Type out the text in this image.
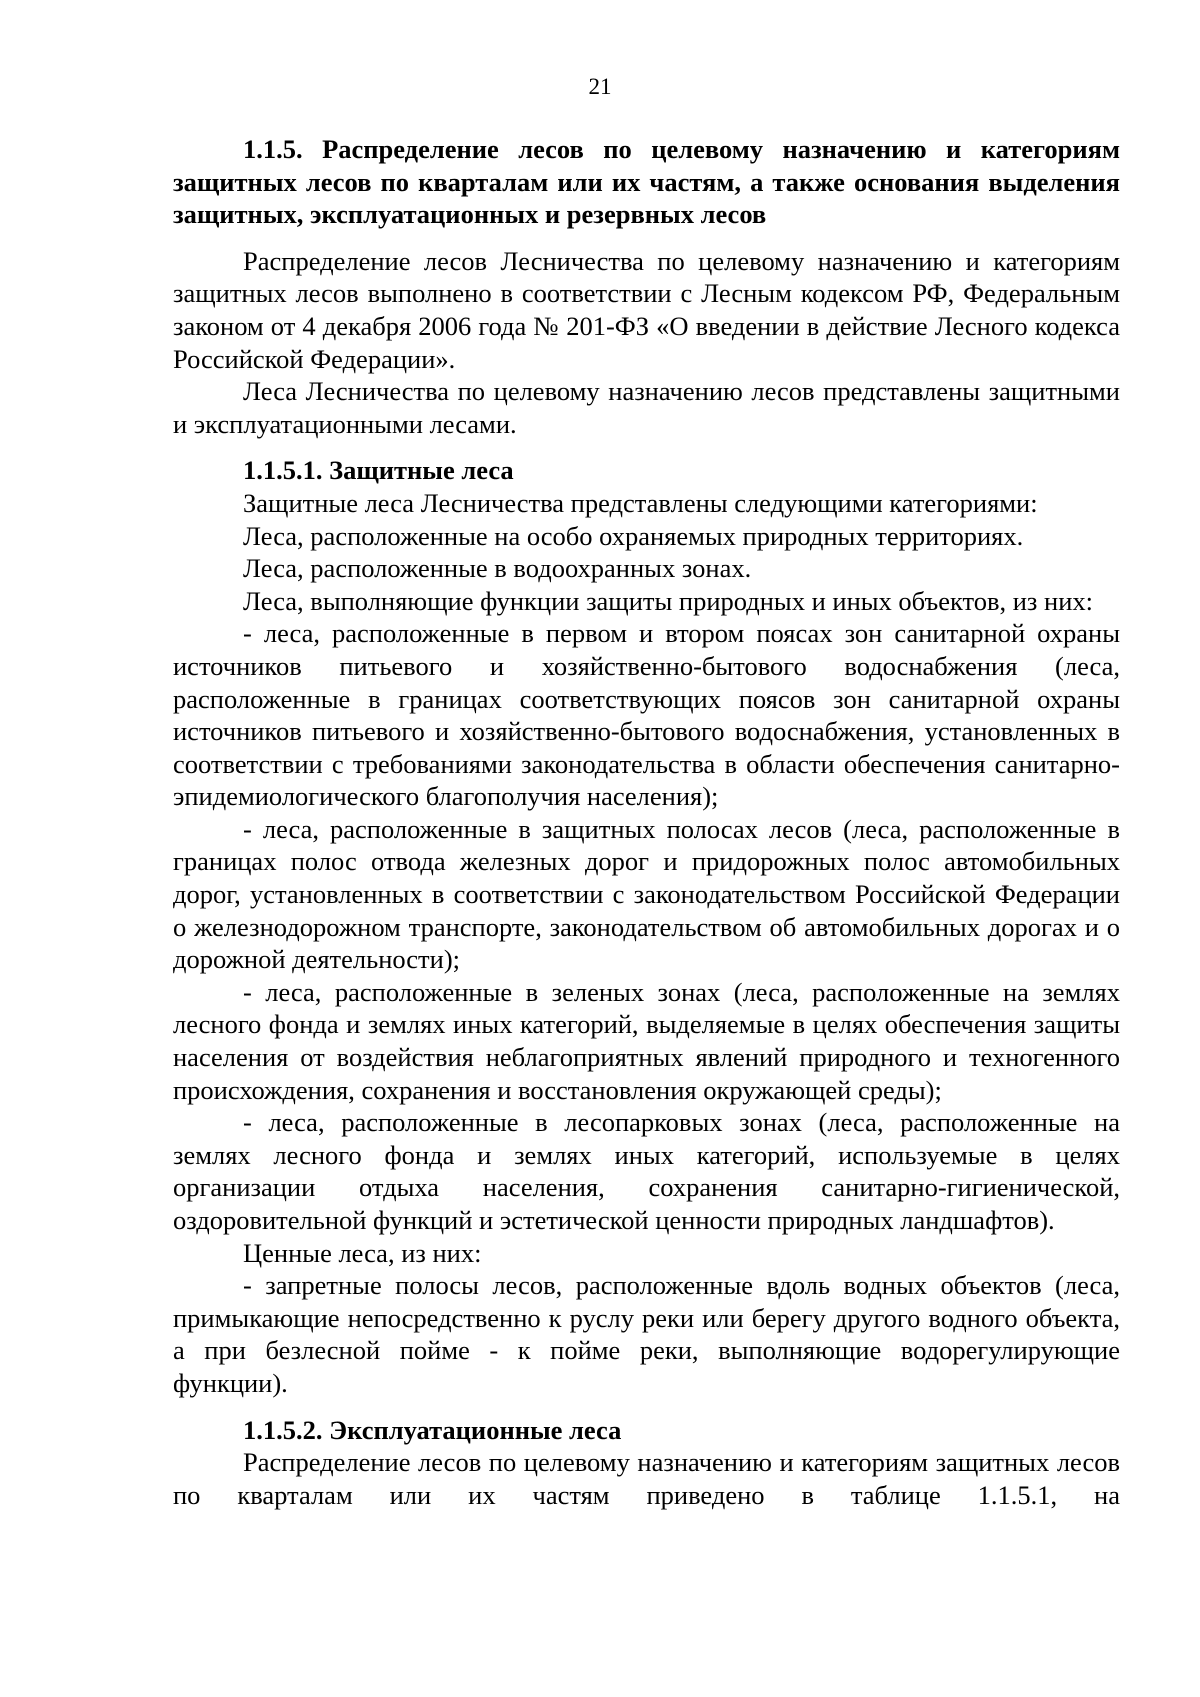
21

1.1.5. Распределение лесов по целевому назначению и категориям защитных лесов по кварталам или их частям, а также основания выделения защитных, эксплуатационных и резервных лесов

Распределение лесов Лесничества по целевому назначению и категориям защитных лесов выполнено в соответствии с Лесным кодексом РФ, Федеральным законом от 4 декабря 2006 года № 201-ФЗ «О введении в действие Лесного кодекса Российской Федерации».

Леса Лесничества по целевому назначению лесов представлены защитными и эксплуатационными лесами.

1.1.5.1. Защитные леса

Защитные леса Лесничества представлены следующими категориями:

Леса, расположенные на особо охраняемых природных территориях.

Леса, расположенные в водоохранных зонах.

Леса, выполняющие функции защиты природных и иных объектов, из них:

- леса, расположенные в первом и втором поясах зон санитарной охраны источников питьевого и хозяйственно-бытового водоснабжения (леса, расположенные в границах соответствующих поясов зон санитарной охраны источников питьевого и хозяйственно-бытового водоснабжения, установленных в соответствии с требованиями законодательства в области обеспечения санитарно-эпидемиологического благополучия населения);

- леса, расположенные в защитных полосах лесов (леса, расположенные в границах полос отвода железных дорог и придорожных полос автомобильных дорог, установленных в соответствии с законодательством Российской Федерации о железнодорожном транспорте, законодательством об автомобильных дорогах и о дорожной деятельности);

- леса, расположенные в зеленых зонах (леса, расположенные на землях лесного фонда и землях иных категорий, выделяемые в целях обеспечения защиты населения от воздействия неблагоприятных явлений природного и техногенного происхождения, сохранения и восстановления окружающей среды);

- леса, расположенные в лесопарковых зонах (леса, расположенные на землях лесного фонда и землях иных категорий, используемые в целях организации отдыха населения, сохранения санитарно-гигиенической, оздоровительной функций и эстетической ценности природных ландшафтов).

Ценные леса, из них:

- запретные полосы лесов, расположенные вдоль водных объектов (леса, примыкающие непосредственно к руслу реки или берегу другого водного объекта, а при безлесной пойме - к пойме реки, выполняющие водорегулирующие функции).

1.1.5.2. Эксплуатационные леса

Распределение лесов по целевому назначению и категориям защитных лесов по кварталам или их частям приведено в таблице 1.1.5.1, на
